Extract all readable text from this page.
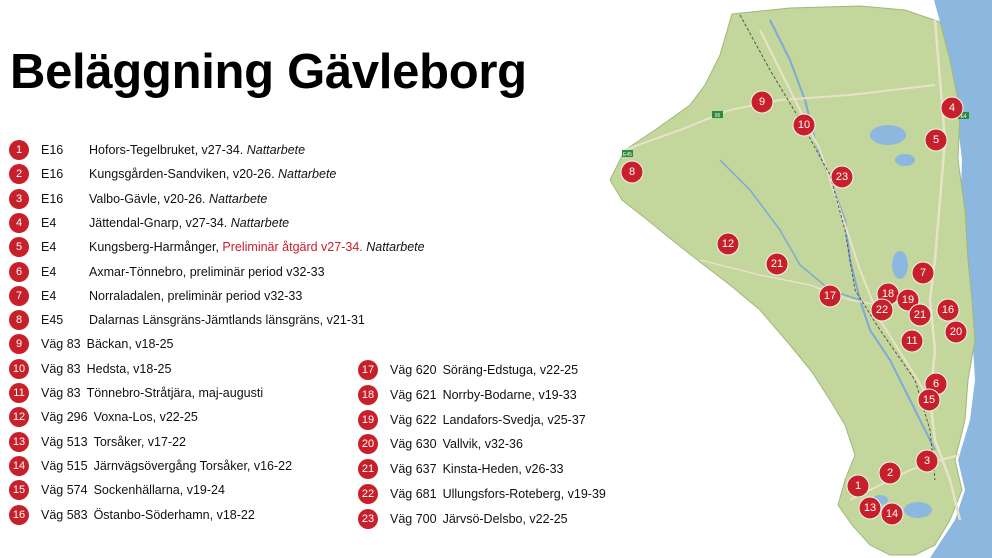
Beläggning Gävleborg
1	E16	Hofors-Tegelbruket, v27-34. Nattarbete
2	E16	Kungsgården-Sandviken, v20-26. Nattarbete
3	E16	Valbo-Gävle, v20-26. Nattarbete
4	E4	Jättendal-Gnarp, v27-34. Nattarbete
5	E4	Kungsberg-Harmånger, Preliminär åtgärd v27-34. Nattarbete
6	E4	Axmar-Tönnebro, preliminär period v32-33
7	E4	Norraladalen, preliminär period v32-33
8	E45	Dalarnas Länsgräns-Jämtlands länsgräns, v21-31
9	Väg 83 Bäckan, v18-25
10	Väg 83 Hedsta, v18-25
11	Väg 83 Tönnebro-Stråtjära, maj-augusti
12	Väg 296 Voxna-Los, v22-25
13	Väg 513 Torsåker, v17-22
14	Väg 515 Järnvägsövergång Torsåker, v16-22
15	Väg 574 Sockenhällarna, v19-24
16	Väg 583 Östanbo-Söderhamn, v18-22
17	Väg 620 Söräng-Edstuga, v22-25
18	Väg 621 Norrby-Bodarne, v19-33
19	Väg 622 Landafors-Svedja, v25-37
20	Väg 630 Vallvik, v32-36
21	Väg 637 Kinsta-Heden, v26-33
22	Väg 681 Ullungsfors-Roteberg, v19-39
23	Väg 700 Järvsö-Delsbo, v22-25
95
E45
E4
9
10
4
5
8	23
12
21
7
17	18 19
22 21 16
20
11
6
15
3
2
1
13 14
